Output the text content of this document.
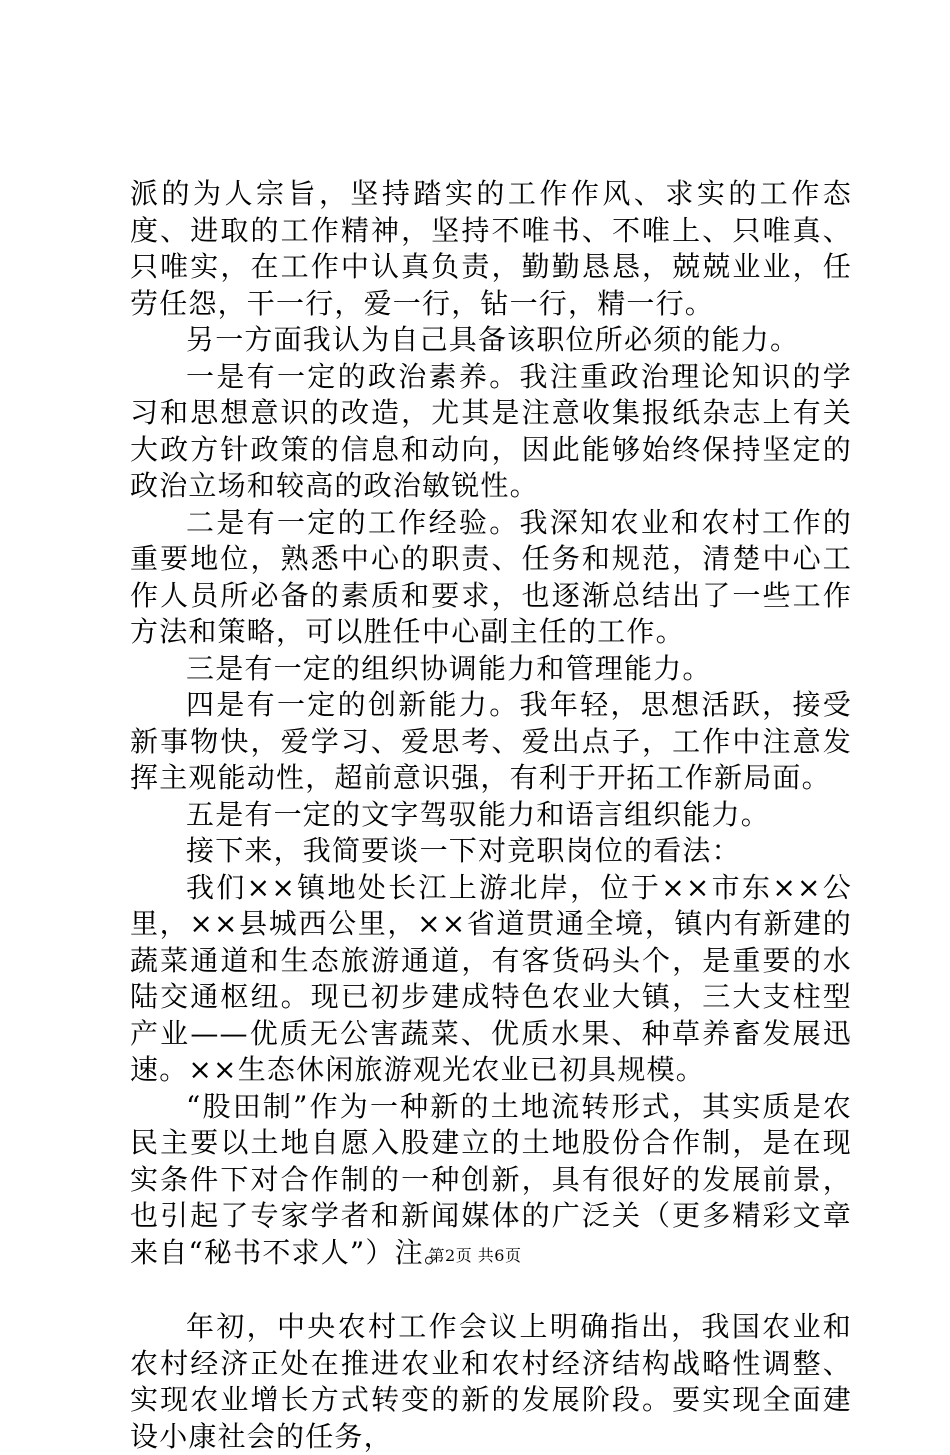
派的为人宗旨，坚持踏实的工作作风、求实的工作态度、进取的工作精神，坚持不唯书、不唯上、只唯真、只唯实，在工作中认真负责，勤勤恳恳，兢兢业业，任劳任怨，干一行，爱一行，钻一行，精一行。

另一方面我认为自己具备该职位所必须的能力。

一是有一定的政治素养。我注重政治理论知识的学习和思想意识的改造，尤其是注意收集报纸杂志上有关大政方针政策的信息和动向，因此能够始终保持坚定的政治立场和较高的政治敏锐性。

二是有一定的工作经验。我深知农业和农村工作的重要地位，熟悉中心的职责、任务和规范，清楚中心工作人员所必备的素质和要求，也逐渐总结出了一些工作方法和策略，可以胜任中心副主任的工作。

三是有一定的组织协调能力和管理能力。

四是有一定的创新能力。我年轻，思想活跃，接受新事物快，爱学习、爱思考、爱出点子，工作中注意发挥主观能动性，超前意识强，有利于开拓工作新局面。

五是有一定的文字驾驭能力和语言组织能力。

接下来，我简要谈一下对竞职岗位的看法：

我们××镇地处长江上游北岸，位于××市东××公里，××县城西公里，××省道贯通全境，镇内有新建的蔬菜通道和生态旅游通道，有客货码头个，是重要的水陆交通枢纽。现已初步建成特色农业大镇，三大支柱型产业——优质无公害蔬菜、优质水果、种草养畜发展迅速。××生态休闲旅游观光农业已初具规模。

“股田制”作为一种新的土地流转形式，其实质是农民主要以土地自愿入股建立的土地股份合作制，是在现实条件下对合作制的一种创新，具有很好的发展前景，也引起了专家学者和新闻媒体的广泛关（更多精彩文章来自“秘书不求人”）注。

年初，中央农村工作会议上明确指出，我国农业和农村经济正处在推进农业和农村经济结构战略性调整、实现农业增长方式转变的新的发展阶段。要实现全面建设小康社会的任务，

第2页 共6页
